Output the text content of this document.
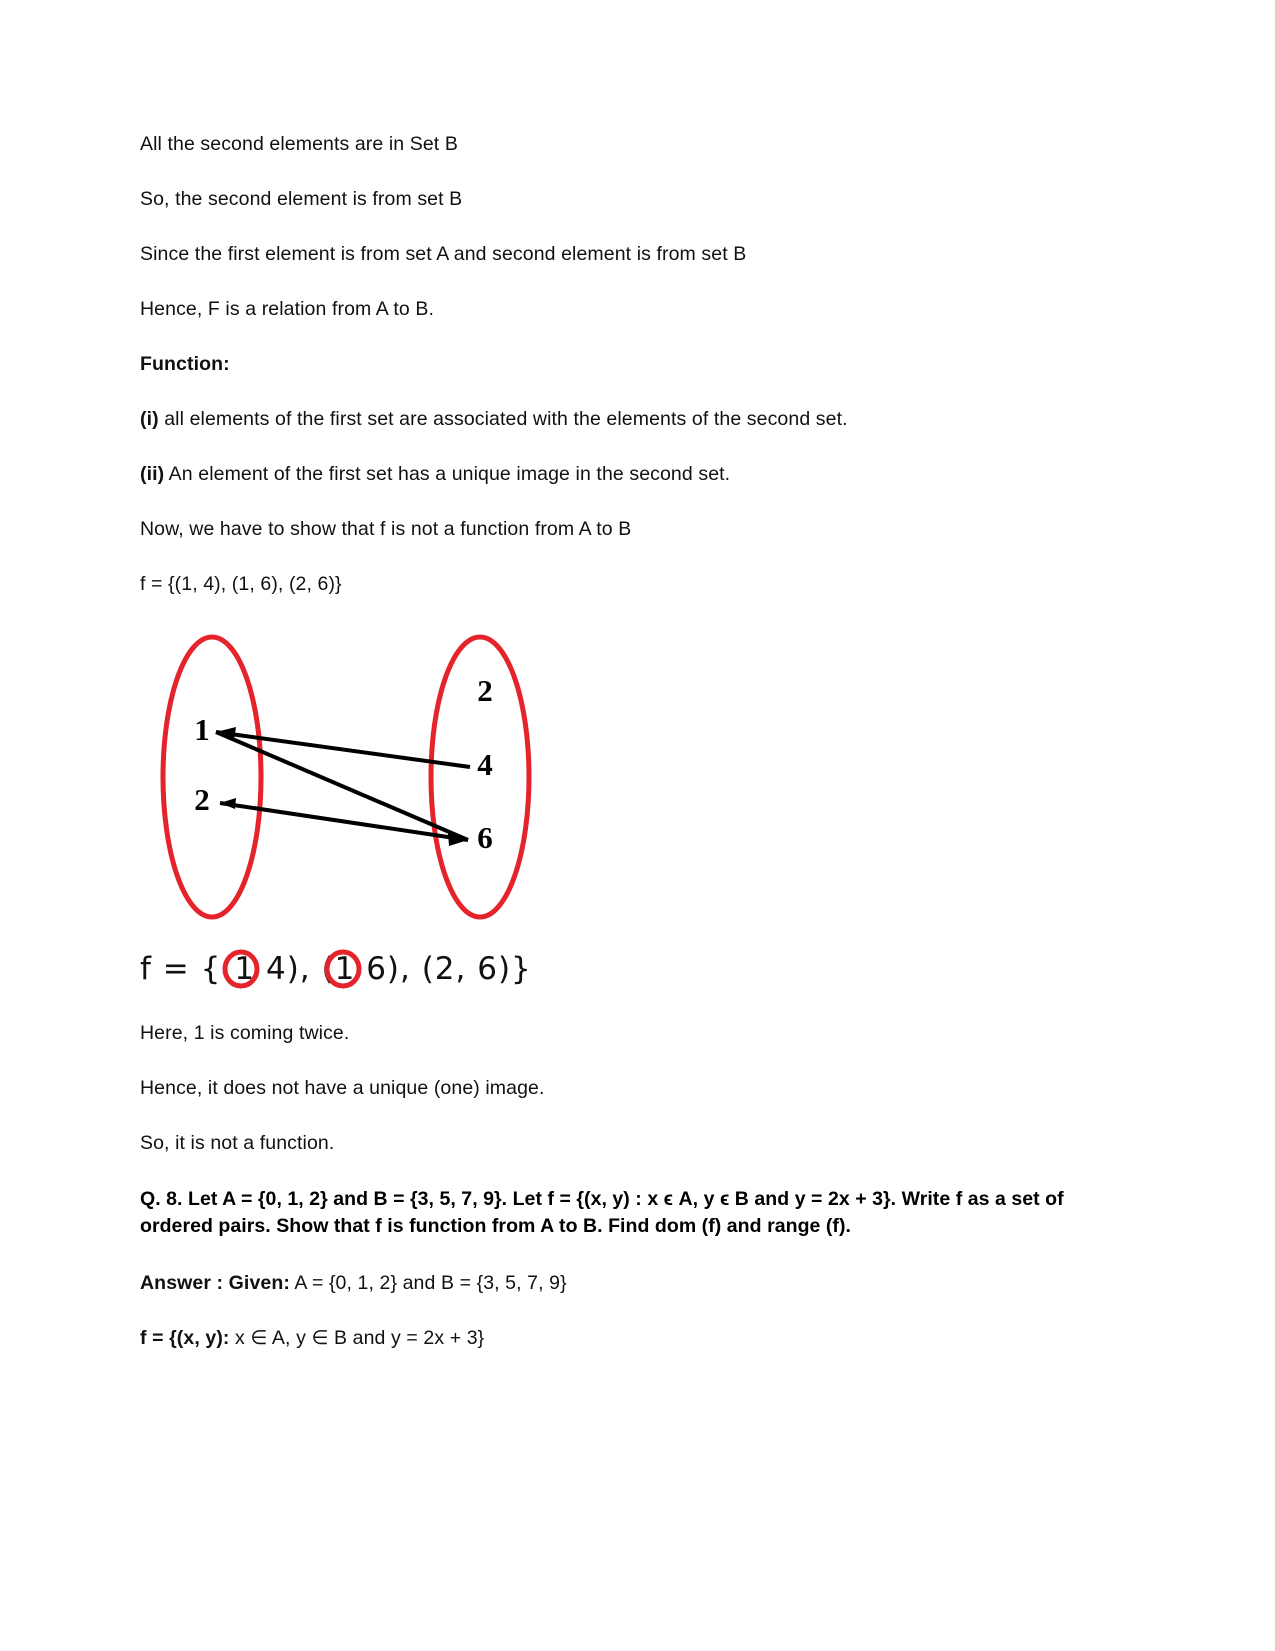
All the second elements are in Set B

So, the second element is from set B

Since the first element is from set A and second element is from set B

Hence, F is a relation from A to B.

Function:

(i) all elements of the first set are associated with the elements of the second set.

(ii) An element of the first set has a unique image in the second set.

Now, we have to show that f is not a function from A to B

f = {(1, 4), (1, 6), (2, 6)}

1
2
2
4
6
f = {(1 4), (1 6), (2, 6)}

Here, 1 is coming twice.

Hence, it does not have a unique (one) image.

So, it is not a function.

Q. 8. Let A = {0, 1, 2} and B = {3, 5, 7, 9}. Let f = {(x, y) : x ϵ A, y ϵ B and y = 2x + 3}. Write f as a set of ordered pairs. Show that f is function from A to B. Find dom (f) and range (f).

Answer : Given: A = {0, 1, 2} and B = {3, 5, 7, 9}

f = {(x, y): x ∈ A, y ∈ B and y = 2x + 3}
